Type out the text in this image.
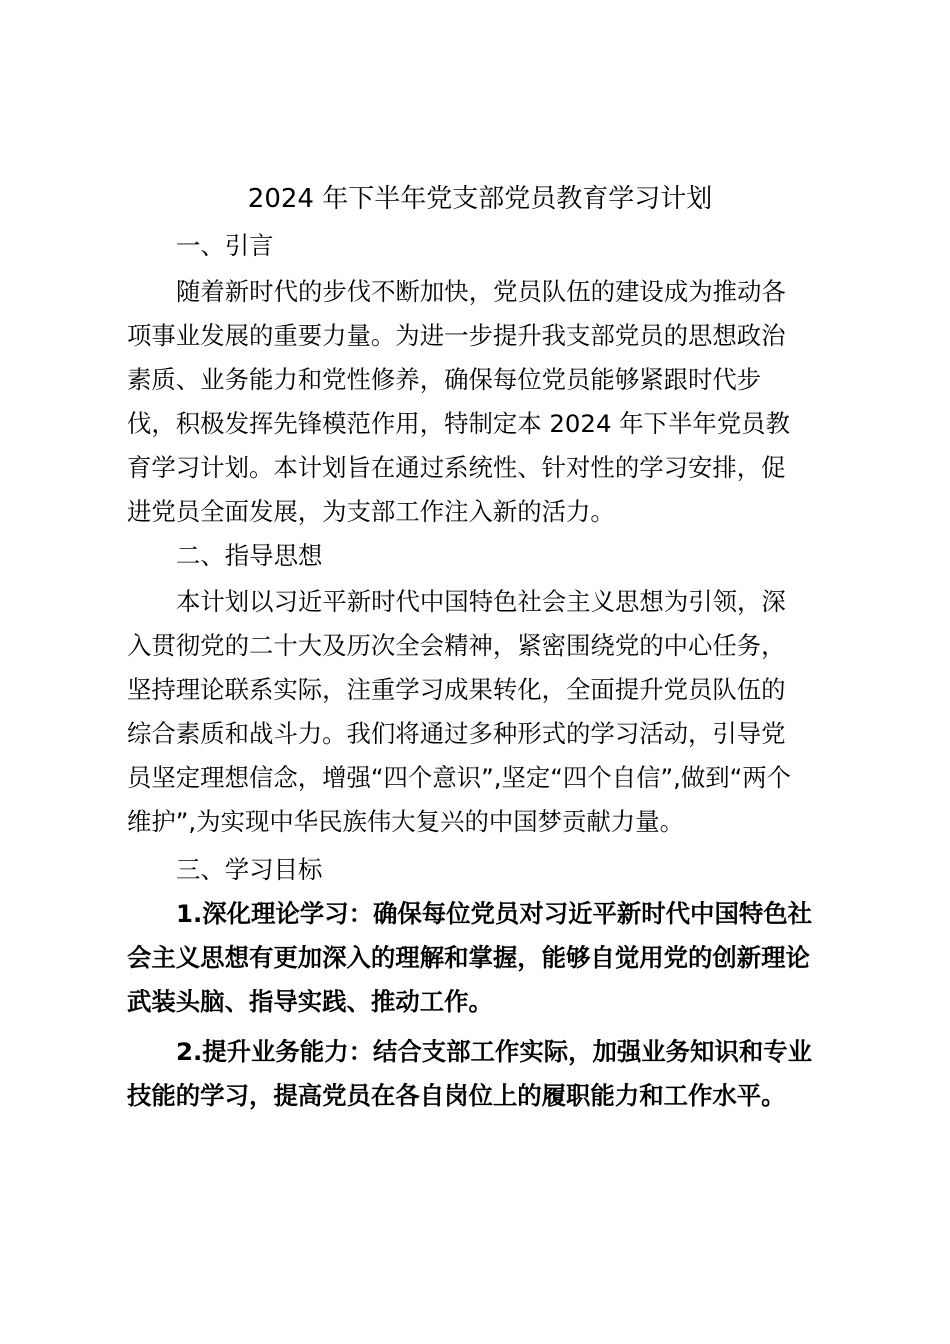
2024 年下半年党支部党员教育学习计划
一、引言
随着新时代的步伐不断加快，党员队伍的建设成为推动各
项事业发展的重要力量。为进一步提升我支部党员的思想政治
素质、业务能力和党性修养，确保每位党员能够紧跟时代步
伐，积极发挥先锋模范作用，特制定本 2024 年下半年党员教
育学习计划。本计划旨在通过系统性、针对性的学习安排，促
进党员全面发展，为支部工作注入新的活力。
二、指导思想
本计划以习近平新时代中国特色社会主义思想为引领，深
入贯彻党的二十大及历次全会精神，紧密围绕党的中心任务，
坚持理论联系实际，注重学习成果转化，全面提升党员队伍的
综合素质和战斗力。我们将通过多种形式的学习活动，引导党
员坚定理想信念，增强“四个意识”,坚定“四个自信”,做到“两个
维护”,为实现中华民族伟大复兴的中国梦贡献力量。
三、学习目标
1.深化理论学习：确保每位党员对习近平新时代中国特色社
会主义思想有更加深入的理解和掌握，能够自觉用党的创新理论
武装头脑、指导实践、推动工作。
2.提升业务能力：结合支部工作实际，加强业务知识和专业
技能的学习，提高党员在各自岗位上的履职能力和工作水平。
